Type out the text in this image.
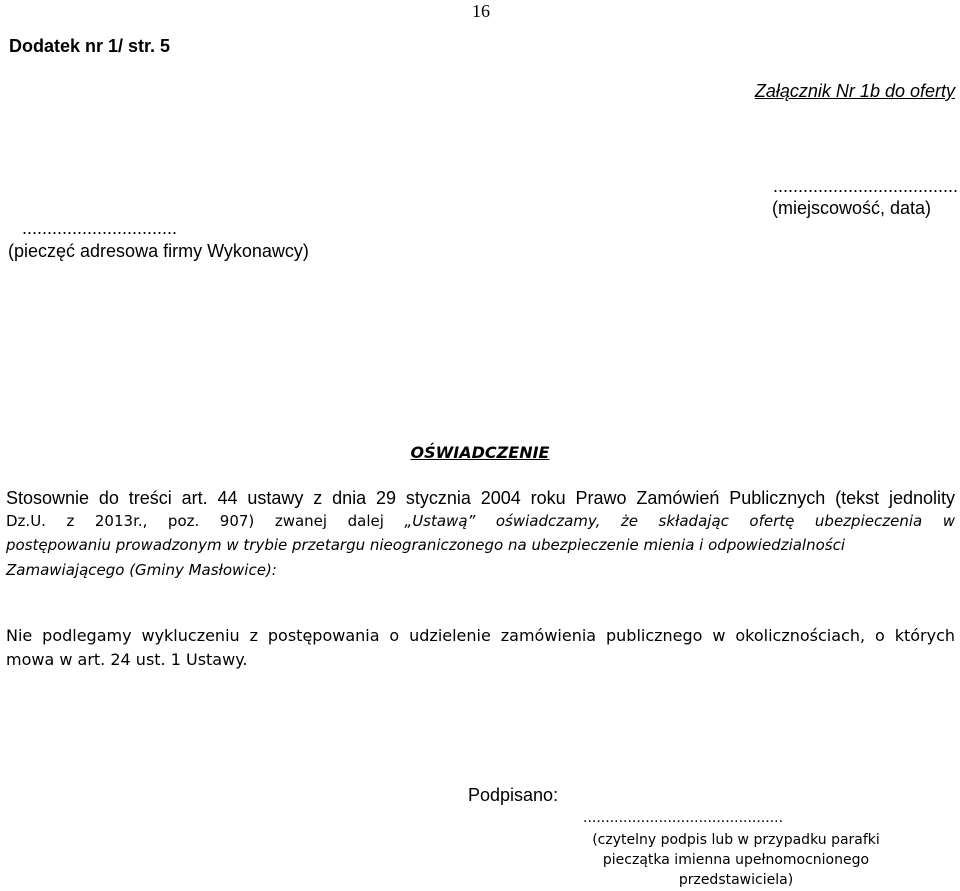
16
Dodatek nr 1/ str. 5
Załącznik Nr 1b do oferty
.....................................
(miejscowość, data)
...............................
(pieczęć adresowa firmy Wykonawcy)
OŚWIADCZENIE
Stosownie do treści art. 44 ustawy z dnia 29 stycznia 2004 roku Prawo Zamówień Publicznych (tekst jednolity
Dz.U. z 2013r., poz. 907) zwanej dalej „Ustawą” oświadczamy, że składając ofertę ubezpieczenia w
postępowaniu prowadzonym w trybie przetargu nieograniczonego na ubezpieczenie mienia i odpowiedzialności
Zamawiającego (Gminy Masłowice):
Nie podlegamy wykluczeniu z postępowania o udzielenie zamówienia publicznego w okolicznościach, o których
mowa w art. 24 ust. 1 Ustawy.
Podpisano:
.............................................
(czytelny podpis lub w przypadku parafki pieczątka imienna upełnomocnionego przedstawiciela)
